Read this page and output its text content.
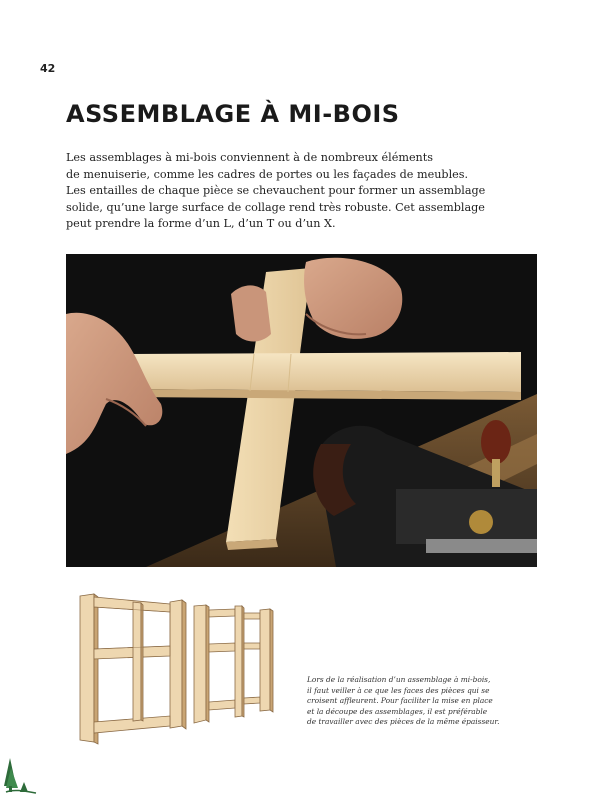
42
ASSEMBLAGE À MI-BOIS

Les assemblages à mi-bois conviennent à de nombreux éléments
de menuiserie, comme les cadres de portes ou les façades de meubles.
Les entailles de chaque pièce se chevauchent pour former un assemblage
solide, qu’une large surface de collage rend très robuste. Cet assemblage
peut prendre la forme d’un L, d’un T ou d’un X.

Lors de la réalisation d’un assemblage à mi-bois,
il faut veiller à ce que les faces des pièces qui se
croisent affleurent. Pour faciliter la mise en place
et la découpe des assemblages, il est préférable
de travailler avec des pièces de la même épaisseur.
